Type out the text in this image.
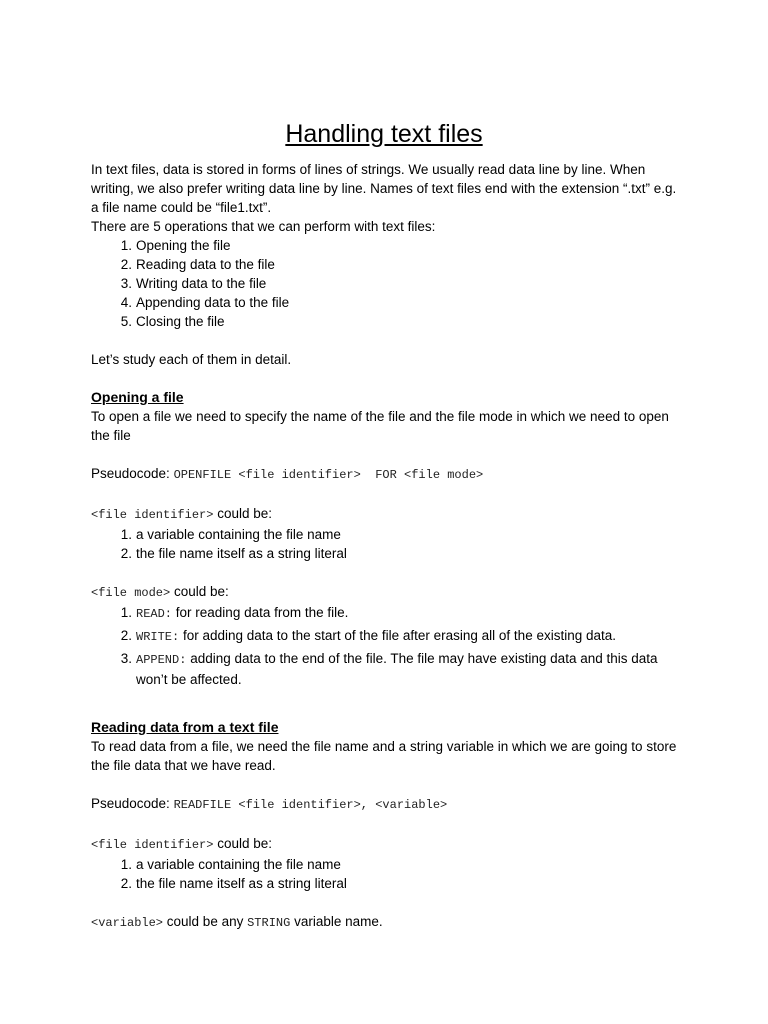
Handling text files

In text files, data is stored in forms of lines of strings. We usually read data line by line. When writing, we also prefer writing data line by line. Names of text files end with the extension “.txt” e.g. a file name could be “file1.txt”.

There are 5 operations that we can perform with text files:

1. Opening the file
2. Reading data to the file
3. Writing data to the file
4. Appending data to the file
5. Closing the file

Let’s study each of them in detail.

Opening a file

To open a file we need to specify the name of the file and the file mode in which we need to open the file

Pseudocode: OPENFILE <file identifier>  FOR <file mode>

<file identifier> could be:

1. a variable containing the file name
2. the file name itself as a string literal

<file mode> could be:

1. READ: for reading data from the file.
2. WRITE: for adding data to the start of the file after erasing all of the existing data.
3. APPEND: adding data to the end of the file. The file may have existing data and this data won’t be affected.
Reading data from a text file

To read data from a file, we need the file name and a string variable in which we are going to store the file data that we have read.

Pseudocode: READFILE <file identifier>, <variable>

<file identifier> could be:

1. a variable containing the file name
2. the file name itself as a string literal

<variable> could be any STRING variable name.
